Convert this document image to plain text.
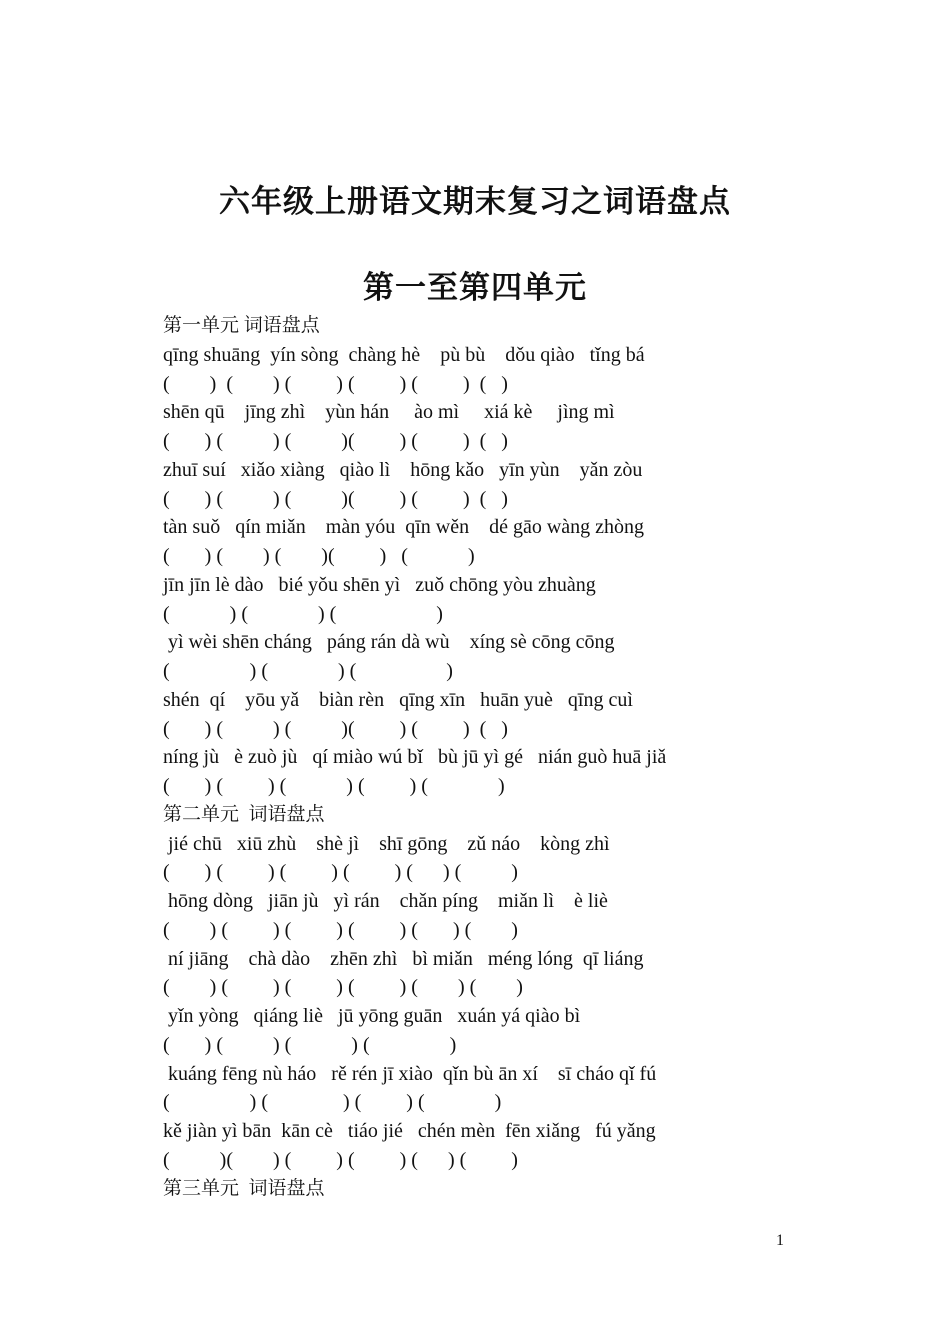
六年级上册语文期末复习之词语盘点
第一至第四单元
第一单元 词语盘点
qīng shuāng  yín sòng  chàng hè    pù bù    dǒu qiào   tǐng bá
(        )  (        ) (         ) (         ) (         )  (   )
shēn qū    jīng zhì    yùn hán     ào mì     xiá kè     jìng mì
(       ) (          ) (          )(         ) (         )  (   )
zhuī suí   xiǎo xiàng   qiào lì    hōng kǎo   yīn yùn    yǎn zòu
(       ) (          ) (          )(         ) (         )  (   )
tàn suǒ   qín miǎn    màn yóu  qīn wěn    dé gāo wàng zhòng
(       ) (        ) (        )(         )   (            )
jīn jīn lè dào   bié yǒu shēn yì   zuǒ chōng yòu zhuàng
(            ) (              ) (                    )
yì wèi shēn cháng   páng rán dà wù    xíng sè cōng cōng
(                ) (              ) (                  )
shén  qí    yōu yǎ    biàn rèn   qīng xīn   huān yuè   qīng cuì
(       ) (          ) (          )(         ) (         )  (   )
níng jù   è zuò jù   qí miào wú bǐ   bù jū yì gé   nián guò huā jiǎ
(       ) (         ) (            ) (         ) (              )
第二单元  词语盘点
jié chū   xiū zhù    shè jì    shī gōng    zǔ náo    kòng zhì
(       ) (         ) (         ) (         ) (      ) (          )
hōng dòng   jiān jù   yì rán    chǎn píng    miǎn lì    è liè
(        ) (         ) (         ) (         ) (       ) (        )
ní jiāng    chà dào    zhēn zhì   bì miǎn   méng lóng  qī liáng
(        ) (         ) (         ) (         ) (        ) (        )
yǐn yòng   qiáng liè   jū yōng guān   xuán yá qiào bì
(       ) (          ) (            ) (                )
kuáng fēng nù háo   rě rén jī xiào  qǐn bù ān xí    sī cháo qǐ fú
(                ) (               ) (         ) (              )
kě jiàn yì bān  kān cè   tiáo jié   chén mèn  fēn xiǎng   fú yǎng
(          )(        ) (         ) (         ) (      ) (         )
第三单元  词语盘点
1
